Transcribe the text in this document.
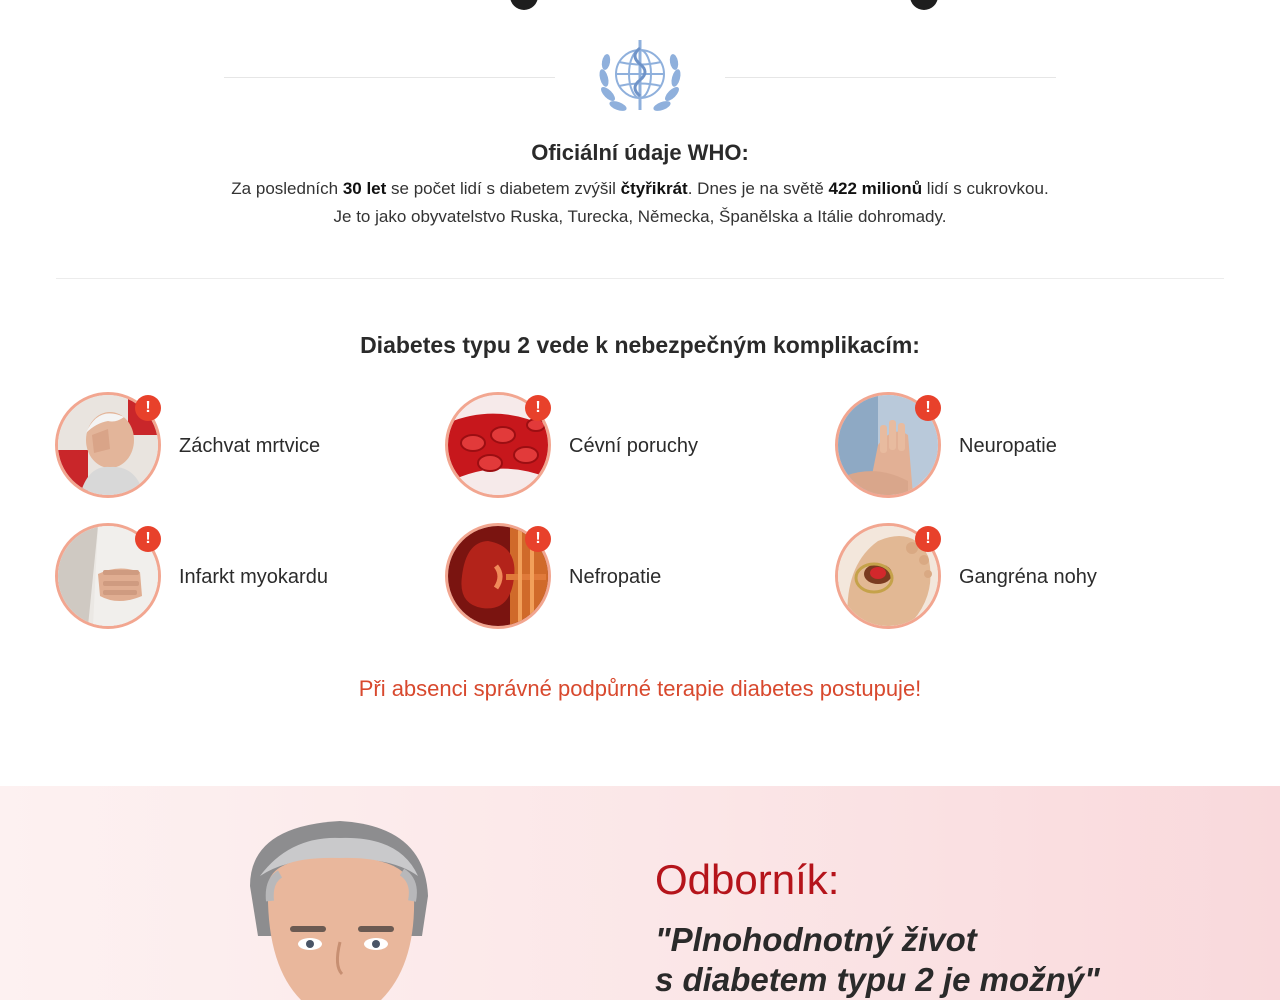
Oficiální údaje WHO:
Za posledních 30 let se počet lidí s diabetem zvýšil čtyřikrát. Dnes je na světě 422 milionů lidí s cukrovkou.
Je to jako obyvatelstvo Ruska, Turecka, Německa, Španělska a Itálie dohromady.
Diabetes typu 2 vede k nebezpečným komplikacím:
!
Záchvat mrtvice
!
Cévní poruchy
!
Neuropatie
!
Infarkt myokardu
!
Nefropatie
!
Gangréna nohy
Při absenci správné podpůrné terapie diabetes postupuje!
Odborník:
"Plnohodnotný život
s diabetem typu 2 je možný"
